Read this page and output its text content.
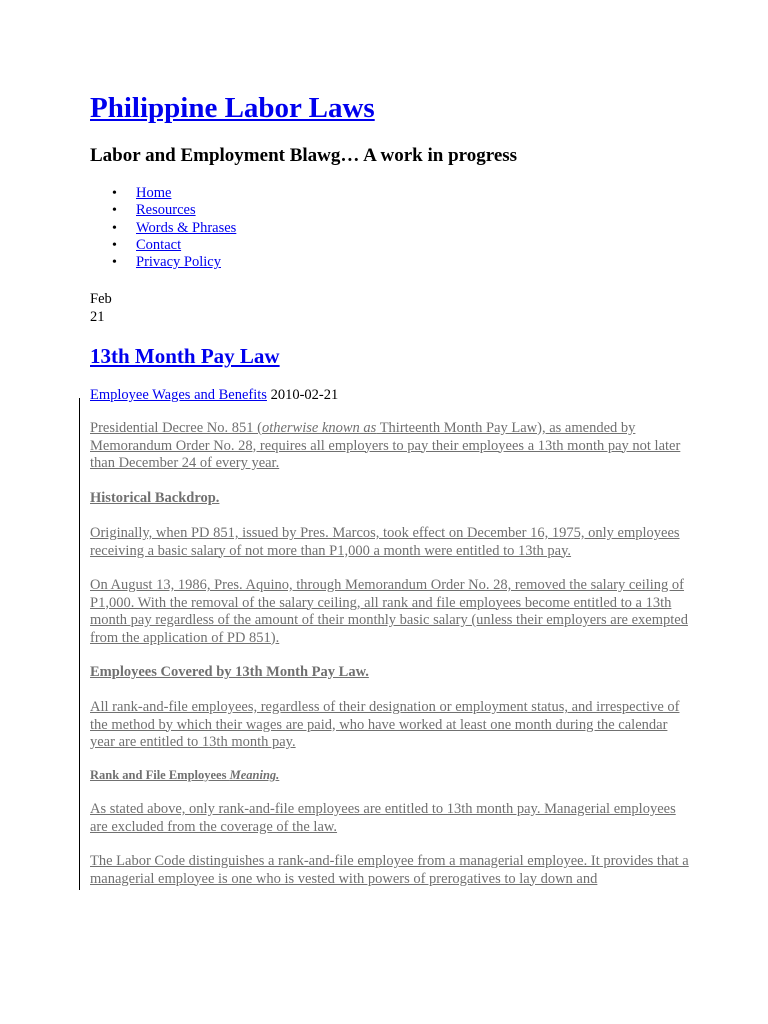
Philippine Labor Laws
Labor and Employment Blawg… A work in progress
• Home
• Resources
• Words & Phrases
• Contact
• Privacy Policy
Feb
21
13th Month Pay Law
Employee Wages and Benefits 2010-02-21

Presidential Decree No. 851 (otherwise known as Thirteenth Month Pay Law), as amended by Memorandum Order No. 28, requires all employers to pay their employees a 13th month pay not later than December 24 of every year.

Historical Backdrop.

Originally, when PD 851, issued by Pres. Marcos, took effect on December 16, 1975, only employees receiving a basic salary of not more than P1,000 a month were entitled to 13th pay.

On August 13, 1986, Pres. Aquino, through Memorandum Order No. 28, removed the salary ceiling of P1,000. With the removal of the salary ceiling, all rank and file employees become entitled to a 13th month pay regardless of the amount of their monthly basic salary (unless their employers are exempted from the application of PD 851).

Employees Covered by 13th Month Pay Law.

All rank-and-file employees, regardless of their designation or employment status, and irrespective of the method by which their wages are paid, who have worked at least one month during the calendar year are entitled to 13th month pay.

Rank and File Employees Meaning.

As stated above, only rank-and-file employees are entitled to 13th month pay. Managerial employees are excluded from the coverage of the law.

The Labor Code distinguishes a rank-and-file employee from a managerial employee. It provides that a managerial employee is one who is vested with powers of prerogatives to lay down and
